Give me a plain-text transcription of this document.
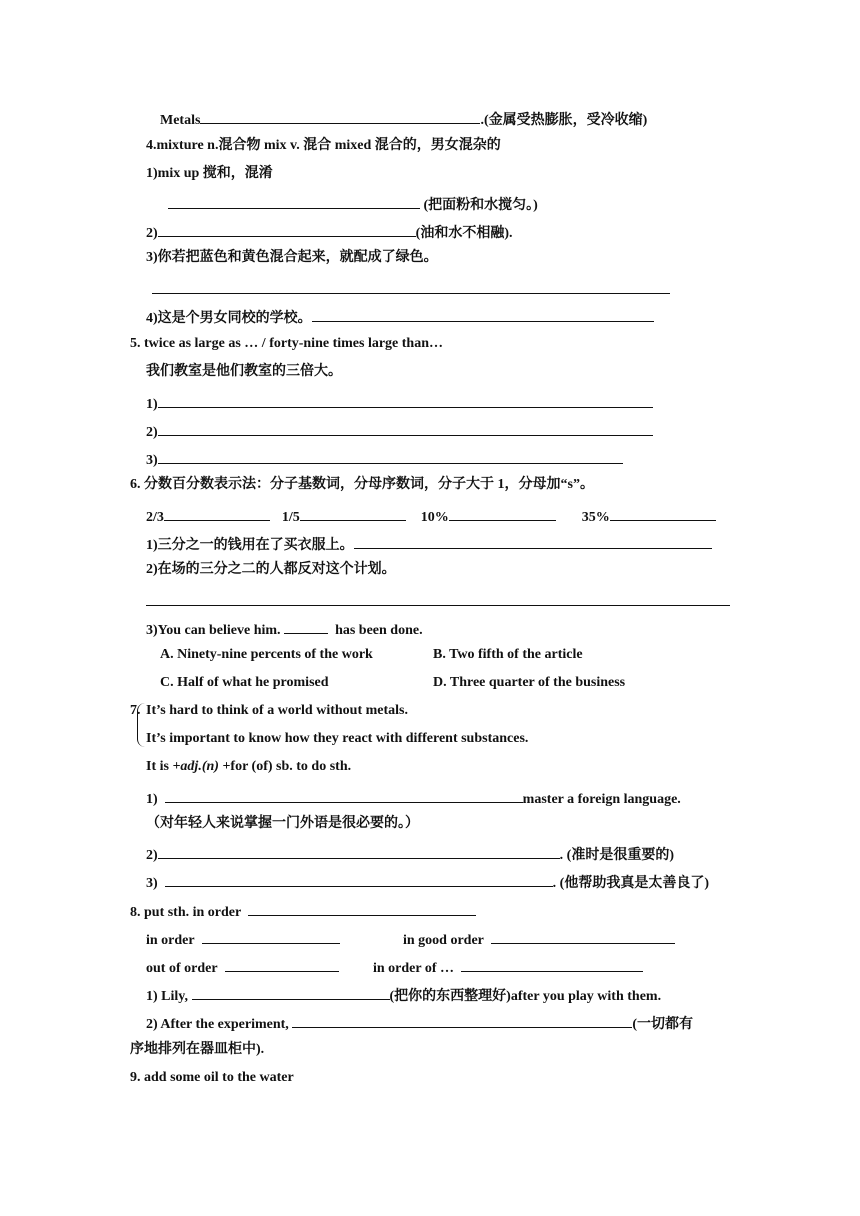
Metals	.(金属受热膨胀，受冷收缩)
4.mixture n.混合物 mix v. 混合 mixed 混合的，男女混杂的
1)mix up 搅和，混淆
(把面粉和水搅匀。)
2)	(油和水不相融).
3)你若把蓝色和黄色混合起来，就配成了绿色。
4)这是个男女同校的学校。
5. twice as large as … / forty-nine times large than…
我们教室是他们教室的三倍大。
1)
2)
3)
6. 分数百分数表示法：分子基数词，分母序数词，分子大于 1，分母加“s”。
2/3	1/5	10%	35%
1)三分之一的钱用在了买衣服上。
2)在场的三分之二的人都反对这个计划。
3)You can believe him.	has been done.
A. Ninety-nine percents of the work	B. Two fifth of the article
C. Half of what he promised	D. Three quarter of the business
7. It’s hard to think of a world without metals.
It’s important to know how they react with different substances.
It is +adj.(n) +for (of) sb. to do sth.
1)	master a foreign language.
（对年轻人来说掌握一门外语是很必要的。）
2)	. (准时是很重要的)
3)	. (他帮助我真是太善良了)
8. put sth. in order
in order	in good order
out of order	in order of …
1) Lily,	(把你的东西整理好)after you play with them.
2) After the experiment,	(一切都有
序地排列在器皿柜中).
9. add some oil to the water
